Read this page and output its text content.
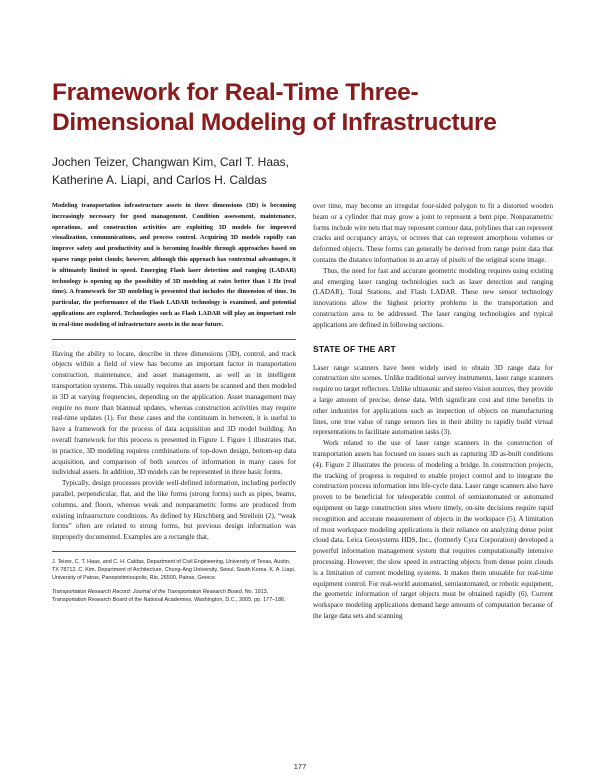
Framework for Real-Time Three-Dimensional Modeling of Infrastructure

Jochen Teizer, Changwan Kim, Carl T. Haas, Katherine A. Liapi, and Carlos H. Caldas

Modeling transportation infrastructure assets in three dimensions (3D) is becoming increasingly necessary for good management. Condition assessment, maintenance, operations, and construction activities are exploiting 3D models for improved visualization, communications, and process control. Acquiring 3D models rapidly can improve safety and productivity and is becoming feasible through approaches based on sparse range point clouds; however, although this approach has contextual advantages, it is ultimately limited in speed. Emerging Flash laser detection and ranging (LADAR) technology is opening up the possibility of 3D modeling at rates better than 1 Hz (real time). A framework for 3D modeling is presented that includes the dimension of time. In particular, the performance of the Flash LADAR technology is examined, and potential applications are explored. Technologies such as Flash LADAR will play an important role in real-time modeling of infrastructure assets in the near future.

Having the ability to locate, describe in three dimensions (3D), control, and track objects within a field of view has become an important factor in transportation construction, maintenance, and asset management, as well as in intelligent transportation systems. This usually requires that assets be scanned and then modeled in 3D at varying frequencies, depending on the application. Asset management may require no more than biannual updates, whereas construction activities may require real-time updates (1). For these cases and the continuum in between, it is useful to have a framework for the process of data acquisition and 3D model building. An overall framework for this process is presented in Figure 1. Figure 1 illustrates that, in practice, 3D modeling requires combinations of top-down design, bottom-up data acquisition, and comparison of both sources of information in many cases for individual assets. In addition, 3D models can be represented in three basic forms.

Typically, design processes provide well-defined information, including perfectly parallel, perpendicular, flat, and the like forms (strong forms) such as pipes, beams, columns, and floors, whereas weak and nonparametric forms are produced from existing infrastructure conditions. As defined by Hirschberg and Streilein (2), “weak forms” often are related to strong forms, but previous design information was improperly documented. Examples are a rectangle that,

J. Teizer, C. T. Haas, and C. H. Caldas, Department of Civil Engineering, University of Texas, Austin, TX 78712. C. Kim, Department of Architecture, Chung-Ang University, Seoul, South Korea. K. A. Liapi, University of Patras, Panepistimioupolis, Rio, 26500, Patras, Greece.

Transportation Research Record: Journal of the Transportation Research Board, No. 1913, Transportation Research Board of the National Academies, Washington, D.C., 2005, pp. 177–186.

over time, may become an irregular four-sided polygon to fit a distorted wooden beam or a cylinder that may grow a joint to represent a bent pipe. Nonparametric forms include wire nets that may represent contour data, polylines that can represent cracks and occupancy arrays, or octrees that can represent amorphous volumes or deformed objects. These forms can generally be derived from range point data that contains the distance information in an array of pixels of the original scene image.

Thus, the need for fast and accurate geometric modeling requires using existing and emerging laser ranging technologies such as laser detection and ranging (LADAR), Total Stations, and Flash LADAR. These new sensor technology innovations allow the highest priority problems in the transportation and construction area to be addressed. The laser ranging technologies and typical applications are defined in following sections.

STATE OF THE ART

Laser range scanners have been widely used to obtain 3D range data for construction site scenes. Unlike traditional survey instruments, laser range scanners require no target reflectors. Unlike ultrasonic and stereo vision sources, they provide a large amount of precise, dense data. With significant cost and time benefits in other industries for applications such as inspection of objects on manufacturing lines, one true value of range sensors lies in their ability to rapidly build virtual representations to facilitate automation tasks (3).

Work related to the use of laser range scanners in the construction of transportation assets has focused on issues such as capturing 3D as-built conditions (4). Figure 2 illustrates the process of modeling a bridge. In construction projects, the tracking of progress is required to enable project control and to integrate the construction process information into life-cycle data. Laser range scanners also have proven to be beneficial for teleoperable control of semiautomated or automated equipment on large construction sites where timely, on-site decisions require rapid recognition and accurate measurement of objects in the workspace (5). A limitation of most workspace modeling applications is their reliance on analyzing dense point cloud data. Leica Geosystems HDS, Inc., (formerly Cyra Corporation) developed a powerful information management system that requires computationally intensive processing. However, the slow speed in extracting objects from dense point clouds is a limitation of current modeling systems. It makes them unusable for real-time equipment control. For real-world automated, semiautomated, or robotic equipment, the geometric information of target objects must be obtained rapidly (6). Current workspace modeling applications demand large amounts of computation because of the large data sets and scanning

177
